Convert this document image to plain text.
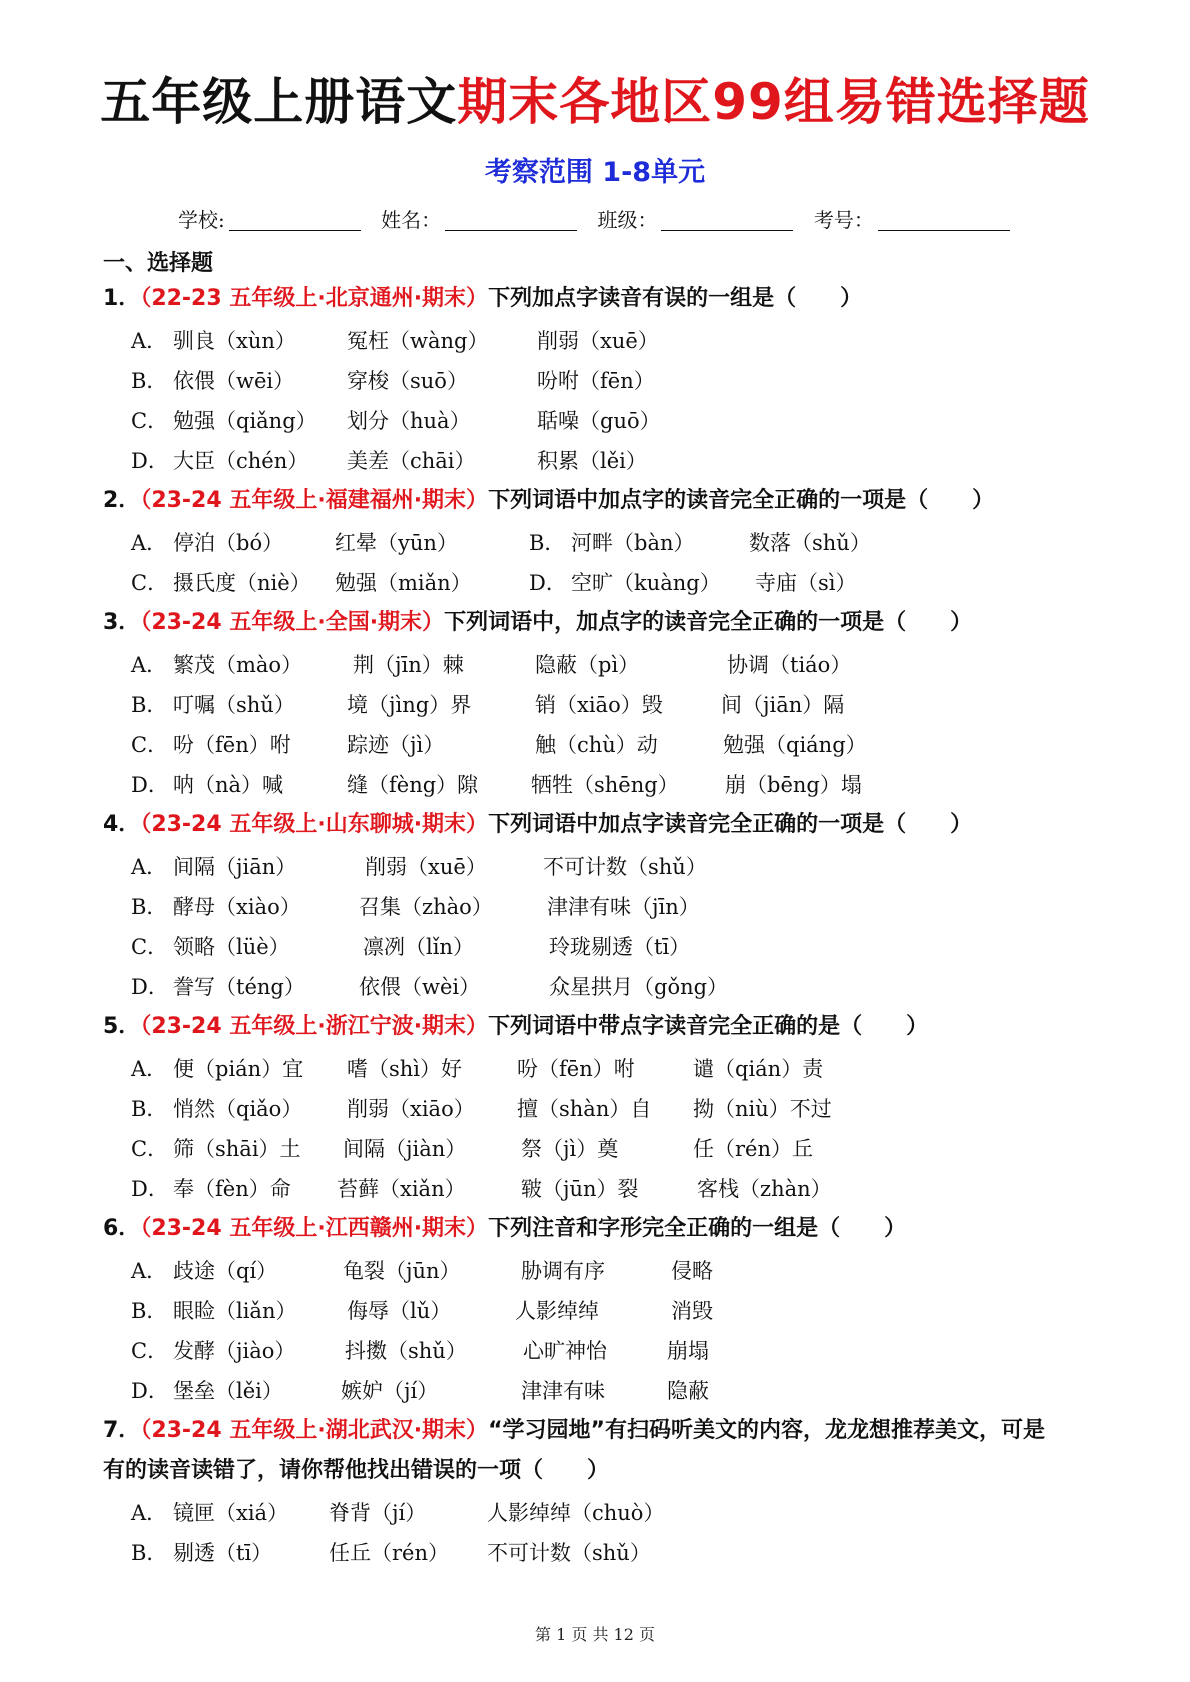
五年级上册语文期末各地区99组易错选择题
考察范围 1-8单元
学校:	姓名：	班级：	考号：
一、选择题
1．（22-23 五年级上·北京通州·期末）下列加点字读音有误的一组是（　　）
A． 驯良（xùn） 冤枉（wàng） 削弱（xuē）
B． 依偎（wēi）	穿梭（suō）	吩咐（fēn）
C． 勉强（qiǎng） 划分（huà）	聒噪（guō）
D． 大臣（chén） 美差（chāi）	积累（lěi）
2．（23-24 五年级上·福建福州·期末）下列词语中加点字的读音完全正确的一项是（　　）
A． 停泊（bó） 红晕（yūn）	B． 河畔（bàn）	数落（shǔ）
C． 摄氏度（niè） 勉强（miǎn）	D． 空旷（kuàng） 寺庙（sì）
3．（23-24 五年级上·全国·期末）下列词语中，加点字的读音完全正确的一项是（　　）
A． 繁茂（mào） 荆（jīn）棘	隐蔽（pì）	协调（tiáo）
B． 叮嘱（shǔ） 境（jìng）界	销（xiāo）毁	间（jiān）隔
C． 吩（fēn）咐	踪迹（jì）	触（chù）动	勉强（qiáng）
D． 呐（nà）喊	缝（fèng）隙	牺牲（shēng） 崩（bēng）塌
4．（23-24 五年级上·山东聊城·期末）下列词语中加点字读音完全正确的一项是（　　）
A． 间隔（jiān）	削弱（xuē）	不可计数（shǔ）
B． 酵母（xiào）	召集（zhào）	津津有味（jīn）
C． 领略（lüè）	凛冽（lǐn）	玲珑剔透（tī）
D． 誊写（téng）	依偎（wèi）	众星拱月（gǒng）
5．（23-24 五年级上·浙江宁波·期末）下列词语中带点字读音完全正确的是（　　）
A． 便（pián）宜 嗜（shì）好	吩（fēn）咐	谴（qián）责
B． 悄然（qiǎo） 削弱（xiāo） 擅（shàn）自 拗（niù）不过
C． 筛（shāi）土 间隔（jiàn）	祭（jì）奠	任（rén）丘
D． 奉（fèn）命 苔藓（xiǎn）	皲（jūn）裂	客栈（zhàn）
6．（23-24 五年级上·江西赣州·期末）下列注音和字形完全正确的一组是（　　）
A． 歧途（qí）	龟裂（jūn）	胁调有序	侵略
B． 眼睑（liǎn） 侮辱（lǔ）	人影绰绰	消毁
C． 发酵（jiào） 抖擞（shǔ）	心旷神怡	崩塌
D． 堡垒（lěi）	嫉妒（jí）	津津有味	隐蔽
7．（23-24 五年级上·湖北武汉·期末）“学习园地”有扫码听美文的内容，龙龙想推荐美文，可是
有的读音读错了，请你帮他找出错误的一项（　　）
A． 镜匣（xiá） 脊背（jí）	人影绰绰（chuò）
B． 剔透（tī）	任丘（rén） 不可计数（shǔ）
第 1 页 共 12 页
